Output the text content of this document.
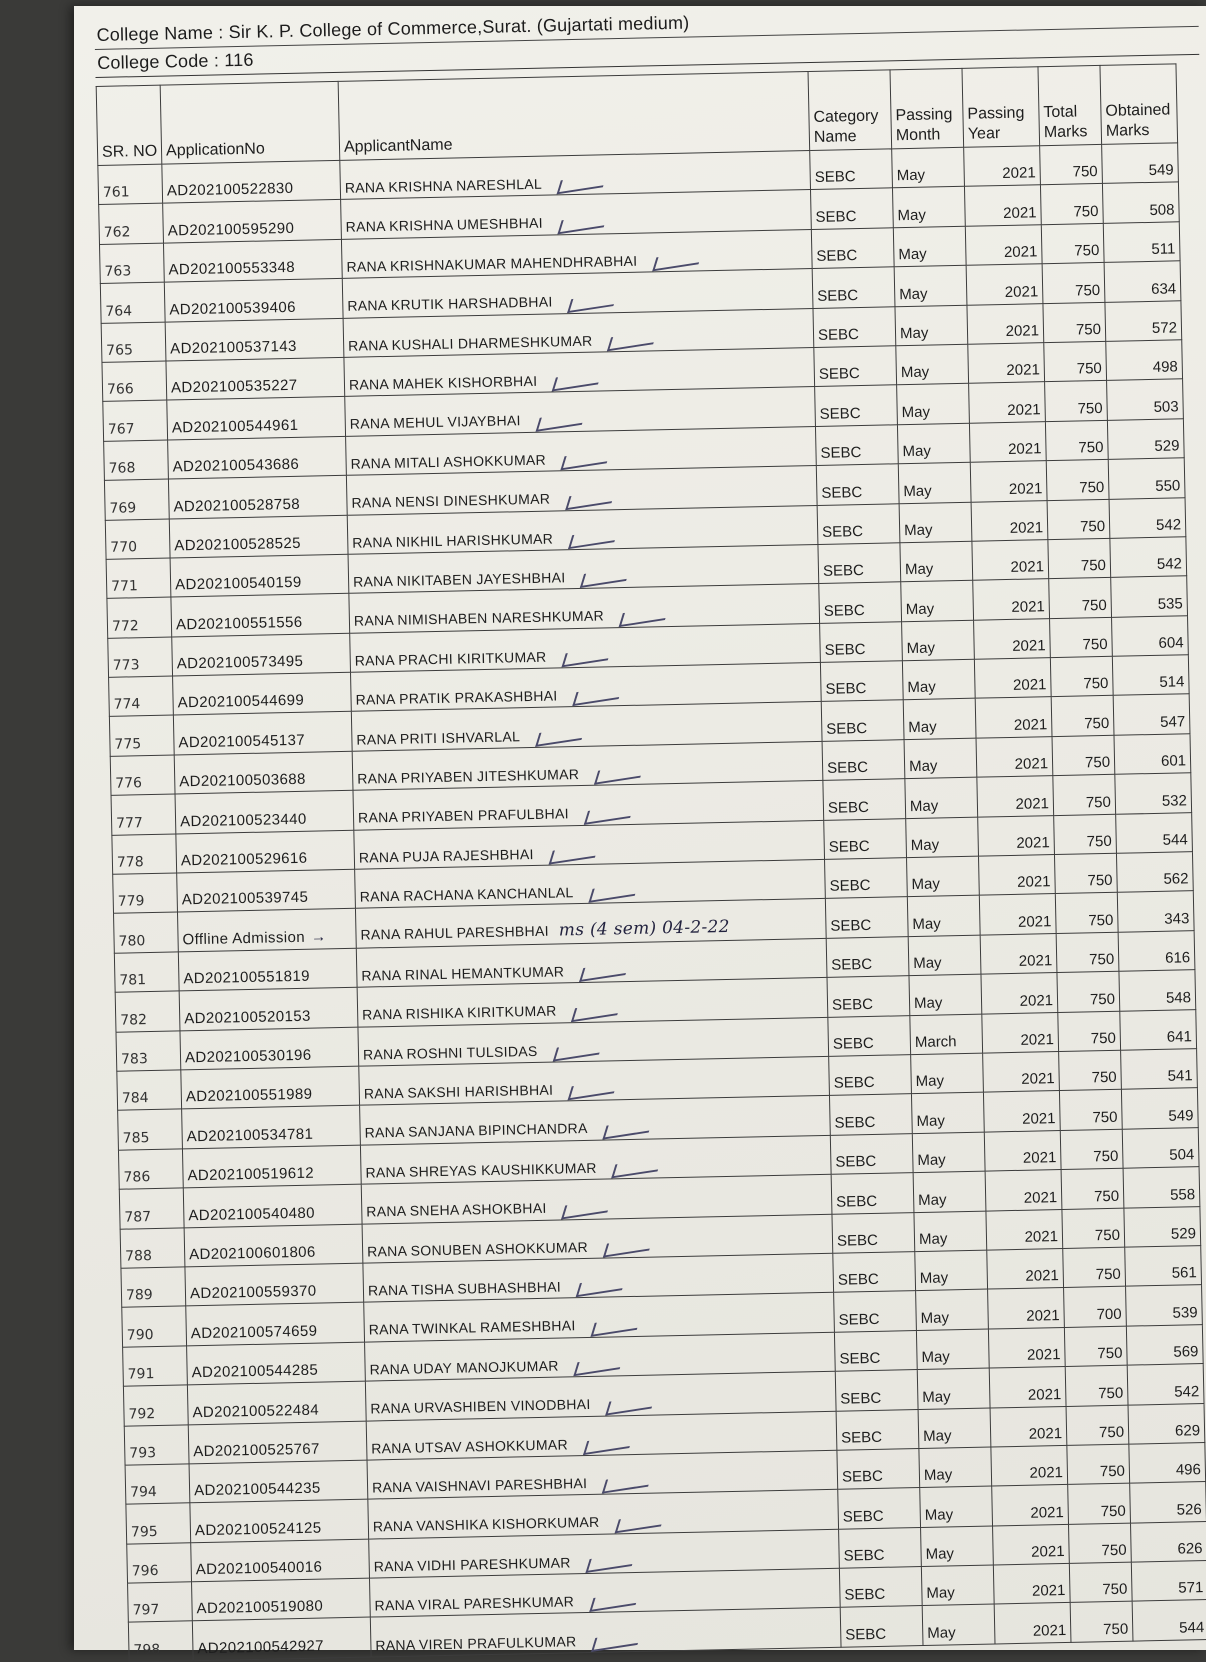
College Name : Sir K. P. College of Commerce,Surat. (Gujartati medium)
College Code : 116
SR. NO	ApplicationNo	ApplicantName	Category Name	Passing Month	Passing Year	Total Marks	ObtainedMarks
761	AD202100522830	RANA KRISHNA NARESHLAL	SEBC	May	2021	750	549
762	AD202100595290	RANA KRISHNA UMESHBHAI	SEBC	May	2021	750	508
763	AD202100553348	RANA KRISHNAKUMAR MAHENDHRABHAI	SEBC	May	2021	750	511
764	AD202100539406	RANA KRUTIK HARSHADBHAI	SEBC	May	2021	750	634
765	AD202100537143	RANA KUSHALI DHARMESHKUMAR	SEBC	May	2021	750	572
766	AD202100535227	RANA MAHEK KISHORBHAI	SEBC	May	2021	750	498
767	AD202100544961	RANA MEHUL VIJAYBHAI	SEBC	May	2021	750	503
768	AD202100543686	RANA MITALI ASHOKKUMAR	SEBC	May	2021	750	529
769	AD202100528758	RANA NENSI DINESHKUMAR	SEBC	May	2021	750	550
770	AD202100528525	RANA NIKHIL HARISHKUMAR	SEBC	May	2021	750	542
771	AD202100540159	RANA NIKITABEN JAYESHBHAI	SEBC	May	2021	750	542
772	AD202100551556	RANA NIMISHABEN NARESHKUMAR	SEBC	May	2021	750	535
773	AD202100573495	RANA PRACHI KIRITKUMAR	SEBC	May	2021	750	604
774	AD202100544699	RANA PRATIK PRAKASHBHAI	SEBC	May	2021	750	514
775	AD202100545137	RANA PRITI ISHVARLAL	SEBC	May	2021	750	547
776	AD202100503688	RANA PRIYABEN JITESHKUMAR	SEBC	May	2021	750	601
777	AD202100523440	RANA PRIYABEN PRAFULBHAI	SEBC	May	2021	750	532
778	AD202100529616	RANA PUJA RAJESHBHAI	SEBC	May	2021	750	544
779	AD202100539745	RANA RACHANA KANCHANLAL	SEBC	May	2021	750	562
780	Offline Admission →	RANA RAHUL PARESHBHAI ms (4 sem) 04-2-22	SEBC	May	2021	750	343
781	AD202100551819	RANA RINAL HEMANTKUMAR	SEBC	May	2021	750	616
782	AD202100520153	RANA RISHIKA KIRITKUMAR	SEBC	May	2021	750	548
783	AD202100530196	RANA ROSHNI TULSIDAS	SEBC	March	2021	750	641
784	AD202100551989	RANA SAKSHI HARISHBHAI	SEBC	May	2021	750	541
785	AD202100534781	RANA SANJANA BIPINCHANDRA	SEBC	May	2021	750	549
786	AD202100519612	RANA SHREYAS KAUSHIKKUMAR	SEBC	May	2021	750	504
787	AD202100540480	RANA SNEHA ASHOKBHAI	SEBC	May	2021	750	558
788	AD202100601806	RANA SONUBEN ASHOKKUMAR	SEBC	May	2021	750	529
789	AD202100559370	RANA TISHA SUBHASHBHAI	SEBC	May	2021	750	561
790	AD202100574659	RANA TWINKAL RAMESHBHAI	SEBC	May	2021	700	539
791	AD202100544285	RANA UDAY MANOJKUMAR	SEBC	May	2021	750	569
792	AD202100522484	RANA URVASHIBEN VINODBHAI	SEBC	May	2021	750	542
793	AD202100525767	RANA UTSAV ASHOKKUMAR	SEBC	May	2021	750	629
794	AD202100544235	RANA VAISHNAVI PARESHBHAI	SEBC	May	2021	750	496
795	AD202100524125	RANA VANSHIKA KISHORKUMAR	SEBC	May	2021	750	526
796	AD202100540016	RANA VIDHI PARESHKUMAR	SEBC	May	2021	750	626
797	AD202100519080	RANA VIRAL PARESHKUMAR	SEBC	May	2021	750	571
798	AD202100542927	RANA VIREN PRAFULKUMAR	SEBC	May	2021	750	544
